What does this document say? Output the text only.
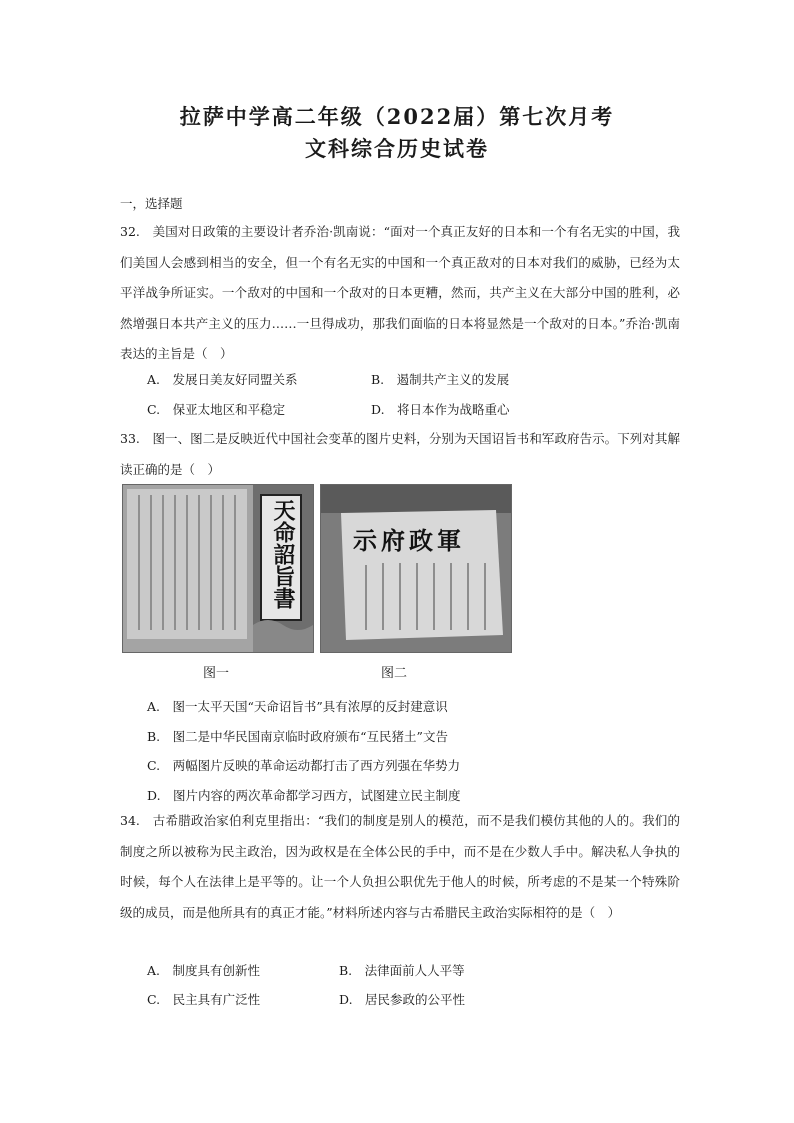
拉萨中学高二年级（2022届）第七次月考
文科综合历史试卷
一，选择题
32.　美国对日政策的主要设计者乔治·凯南说：“面对一个真正友好的日本和一个有名无实的中国，我们美国人会感到相当的安全，但一个有名无实的中国和一个真正敌对的日本对我们的威胁，已经为太平洋战争所证实。一个敌对的中国和一个敌对的日本更糟，然而，共产主义在大部分中国的胜利，必然增强日本共产主义的压力……一旦得成功，那我们面临的日本将显然是一个敌对的日本。”乔治·凯南表达的主旨是（　）
A.　发展日美友好同盟关系	B.　遏制共产主义的发展
C.　保亚太地区和平稳定	D.　将日本作为战略重心
33.　图一、图二是反映近代中国社会变革的图片史料，分别为天国诏旨书和军政府告示。下列对其解读正确的是（　）
天命詔旨書 示府政軍
图一	图二
A.　图一太平天国“天命诏旨书”具有浓厚的反封建意识
B.　图二是中华民国南京临时政府颁布“互民猪土”文告
C.　两幅图片反映的革命运动都打击了西方列强在华势力
D.　图片内容的两次革命都学习西方，试图建立民主制度
34.　古希腊政治家伯利克里指出：“我们的制度是别人的模范，而不是我们模仿其他的人的。我们的制度之所以被称为民主政治，因为政权是在全体公民的手中，而不是在少数人手中。解决私人争执的时候，每个人在法律上是平等的。让一个人负担公职优先于他人的时候，所考虑的不是某一个特殊阶级的成员，而是他所具有的真正才能。”材料所述内容与古希腊民主政治实际相符的是（　）
A.　制度具有创新性	B.　法律面前人人平等
C.　民主具有广泛性	D.　居民参政的公平性
